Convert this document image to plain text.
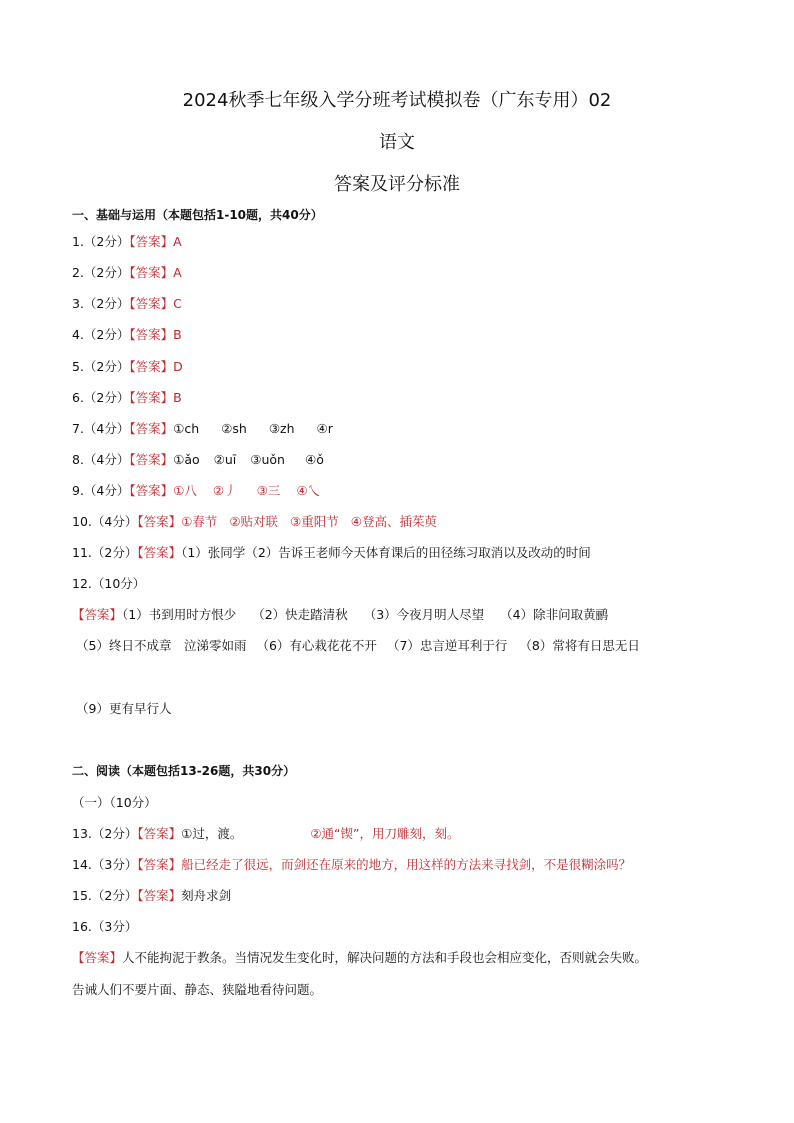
2024秋季七年级入学分班考试模拟卷（广东专用）02
语文
答案及评分标准
一、基础与运用（本题包括1-10题，共40分）
1.（2分）【答案】A
2.（2分）【答案】A
3.（2分）【答案】C
4.（2分）【答案】B
5.（2分）【答案】D
6.（2分）【答案】B
7.（4分）【答案】①ch ②sh ③zh ④r
8.（4分）【答案】①ǎo ②uī ③uǒn ④ǒ
9.（4分）【答案】①八 ②丿 ③三 ④乀
10.（4分）【答案】①春节 ②贴对联 ③重阳节 ④登高、插茱萸
11.（2分）【答案】（1）张同学（2）告诉王老师今天体育课后的田径练习取消以及改动的时间
12.（10分）
【答案】（1）书到用时方恨少 （2）快走踏清秋 （3）今夜月明人尽望 （4）除非问取黄鹂
（5）终日不成章　泣涕零如雨 （6）有心栽花花不开 （7）忠言逆耳利于行 （8）常将有日思无日
（9）更有早行人
二、阅读（本题包括13-26题，共30分）
（一）（10分）
13.（2分）【答案】①过，渡。	②通“锲”，用刀雕刻，刻。
14.（3分）【答案】船已经走了很远，而剑还在原来的地方，用这样的方法来寻找剑，不是很糊涂吗？
15.（2分）【答案】刻舟求剑
16.（3分）
【答案】人不能拘泥于教条。当情况发生变化时，解决问题的方法和手段也会相应变化，否则就会失败。
告诫人们不要片面、静态、狭隘地看待问题。
